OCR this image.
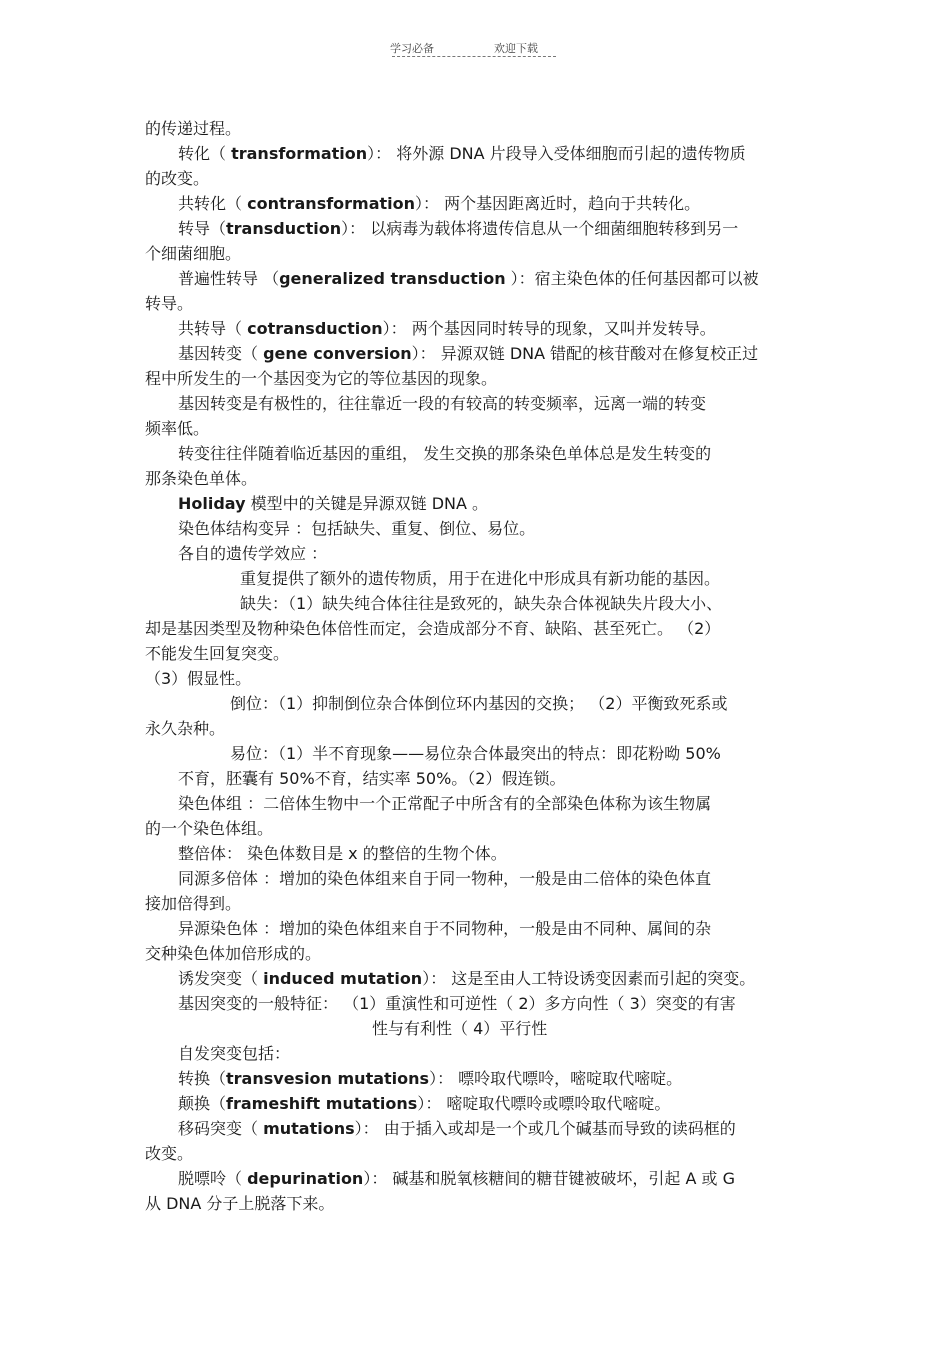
学习必备	欢迎下载
的传递过程。
转化（ transformation）： 将外源 DNA 片段导入受体细胞而引起的遗传物质
的改变。
共转化（ contransformation）： 两个基因距离近时，趋向于共转化。
转导（transduction）： 以病毒为载体将遗传信息从一个细菌细胞转移到另一
个细菌细胞。
普遍性转导 （generalized transduction ）：宿主染色体的任何基因都可以被
转导。
共转导（ cotransduction）： 两个基因同时转导的现象，又叫并发转导。
基因转变（ gene conversion）： 异源双链 DNA 错配的核苷酸对在修复校正过
程中所发生的一个基因变为它的等位基因的现象。
基因转变是有极性的，往往靠近一段的有较高的转变频率，远离一端的转变
频率低。
转变往往伴随着临近基因的重组， 发生交换的那条染色单体总是发生转变的
那条染色单体。
Holiday 模型中的关键是异源双链 DNA 。
染色体结构变异 ：包括缺失、重复、倒位、易位。
各自的遗传学效应 ：
重复提供了额外的遗传物质，用于在进化中形成具有新功能的基因。
缺失：（1）缺失纯合体往往是致死的，缺失杂合体视缺失片段大小、
却是基因类型及物种染色体倍性而定，会造成部分不育、缺陷、甚至死亡。 （2）
不能发生回复突变。
（3）假显性。
倒位：（1）抑制倒位杂合体倒位环内基因的交换； （2）平衡致死系或
永久杂种。
易位：（1）半不育现象——易位杂合体最突出的特点：即花粉呦 50%
不育，胚囊有 50%不育，结实率 50%。（2）假连锁。
染色体组 ：二倍体生物中一个正常配子中所含有的全部染色体称为该生物属
的一个染色体组。
整倍体： 染色体数目是 x 的整倍的生物个体。
同源多倍体 ：增加的染色体组来自于同一物种，一般是由二倍体的染色体直
接加倍得到。
异源染色体 ：增加的染色体组来自于不同物种，一般是由不同种、属间的杂
交种染色体加倍形成的。
诱发突变（ induced mutation）： 这是至由人工特设诱变因素而引起的突变。
基因突变的一般特征： （1）重演性和可逆性（ 2）多方向性（ 3）突变的有害
性与有利性（ 4）平行性
自发突变包括：
转换（transvesion mutations）： 嘌呤取代嘌呤，嘧啶取代嘧啶。
颠换（frameshift mutations）： 嘧啶取代嘌呤或嘌呤取代嘧啶。
移码突变（ mutations）： 由于插入或却是一个或几个碱基而导致的读码框的
改变。
脱嘌呤（ depurination）： 碱基和脱氧核糖间的糖苷键被破坏，引起 A 或 G
从 DNA 分子上脱落下来。
